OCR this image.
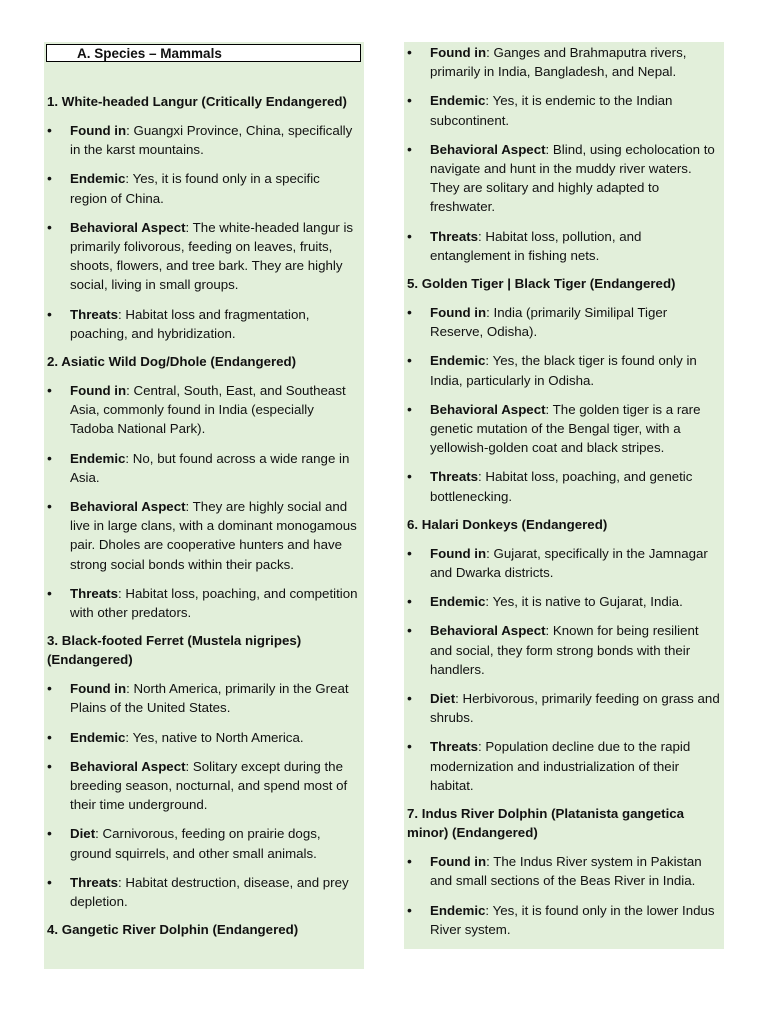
A. Species – Mammals
1. White-headed Langur (Critically Endangered)
• Found in: Guangxi Province, China, specifically in the karst mountains.
• Endemic: Yes, it is found only in a specific region of China.
• Behavioral Aspect: The white-headed langur is primarily folivorous, feeding on leaves, fruits, shoots, flowers, and tree bark. They are highly social, living in small groups.
• Threats: Habitat loss and fragmentation, poaching, and hybridization.
2. Asiatic Wild Dog/Dhole (Endangered)
• Found in: Central, South, East, and Southeast Asia, commonly found in India (especially Tadoba National Park).
• Endemic: No, but found across a wide range in Asia.
• Behavioral Aspect: They are highly social and live in large clans, with a dominant monogamous pair. Dholes are cooperative hunters and have strong social bonds within their packs.
• Threats: Habitat loss, poaching, and competition with other predators.
3. Black-footed Ferret (Mustela nigripes) (Endangered)
• Found in: North America, primarily in the Great Plains of the United States.
• Endemic: Yes, native to North America.
• Behavioral Aspect: Solitary except during the breeding season, nocturnal, and spend most of their time underground.
• Diet: Carnivorous, feeding on prairie dogs, ground squirrels, and other small animals.
• Threats: Habitat destruction, disease, and prey depletion.
4. Gangetic River Dolphin (Endangered)
• Found in: Ganges and Brahmaputra rivers, primarily in India, Bangladesh, and Nepal.
• Endemic: Yes, it is endemic to the Indian subcontinent.
• Behavioral Aspect: Blind, using echolocation to navigate and hunt in the muddy river waters. They are solitary and highly adapted to freshwater.
• Threats: Habitat loss, pollution, and entanglement in fishing nets.
5. Golden Tiger | Black Tiger (Endangered)
• Found in: India (primarily Similipal Tiger Reserve, Odisha).
• Endemic: Yes, the black tiger is found only in India, particularly in Odisha.
• Behavioral Aspect: The golden tiger is a rare genetic mutation of the Bengal tiger, with a yellowish-golden coat and black stripes.
• Threats: Habitat loss, poaching, and genetic bottlenecking.
6. Halari Donkeys (Endangered)
• Found in: Gujarat, specifically in the Jamnagar and Dwarka districts.
• Endemic: Yes, it is native to Gujarat, India.
• Behavioral Aspect: Known for being resilient and social, they form strong bonds with their handlers.
• Diet: Herbivorous, primarily feeding on grass and shrubs.
• Threats: Population decline due to the rapid modernization and industrialization of their habitat.
7. Indus River Dolphin (Platanista gangetica minor) (Endangered)
• Found in: The Indus River system in Pakistan and small sections of the Beas River in India.
• Endemic: Yes, it is found only in the lower Indus River system.
